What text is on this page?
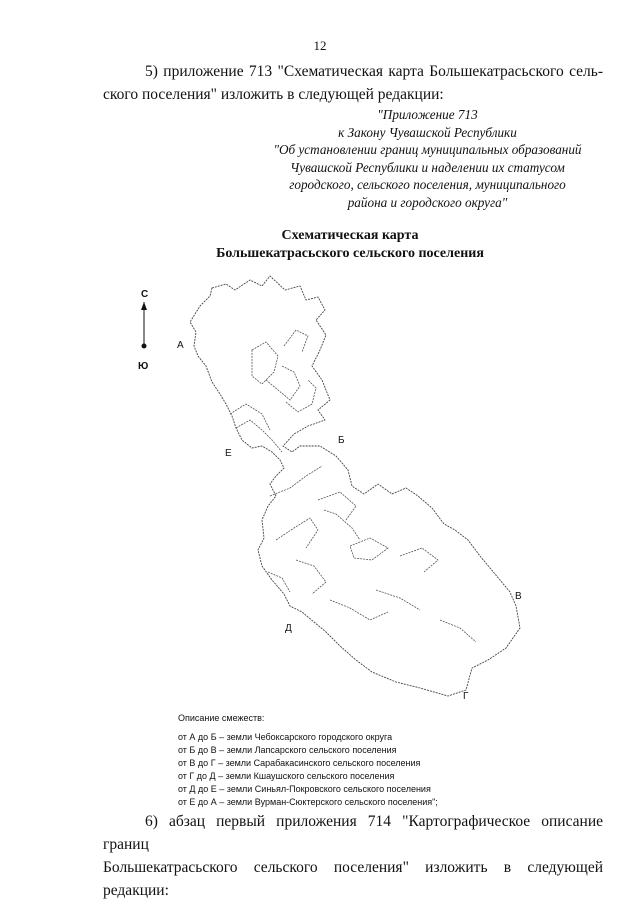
12
5) приложение 713 "Схематическая карта Большекатрасьского сель-
ского поселения" изложить в следующей редакции:
"Приложение 713
к Закону Чувашской Республики
"Об установлении границ муниципальных образований
Чувашской Республики и наделении их статусом
городского, сельского поселения, муниципального
района и городского округа"
Схематическая карта
Большекатрасьского сельского поселения
С
Ю
А
Б
В
Г
Д
Е
Описание смежеств:
от А до Б – земли Чебоксарского городского округа
от Б до В – земли Лапсарского сельского поселения
от В до Г – земли Сарабакасинского сельского поселения
от Г до Д – земли Кшаушского сельского поселения
от Д до Е – земли Синьял-Покровского сельского поселения
от Е до А – земли Вурман-Сюктерского сельского поселения";
6) абзац первый приложения 714 "Картографическое описание границ
Большекатрасьского сельского поселения" изложить в следующей редакции:
